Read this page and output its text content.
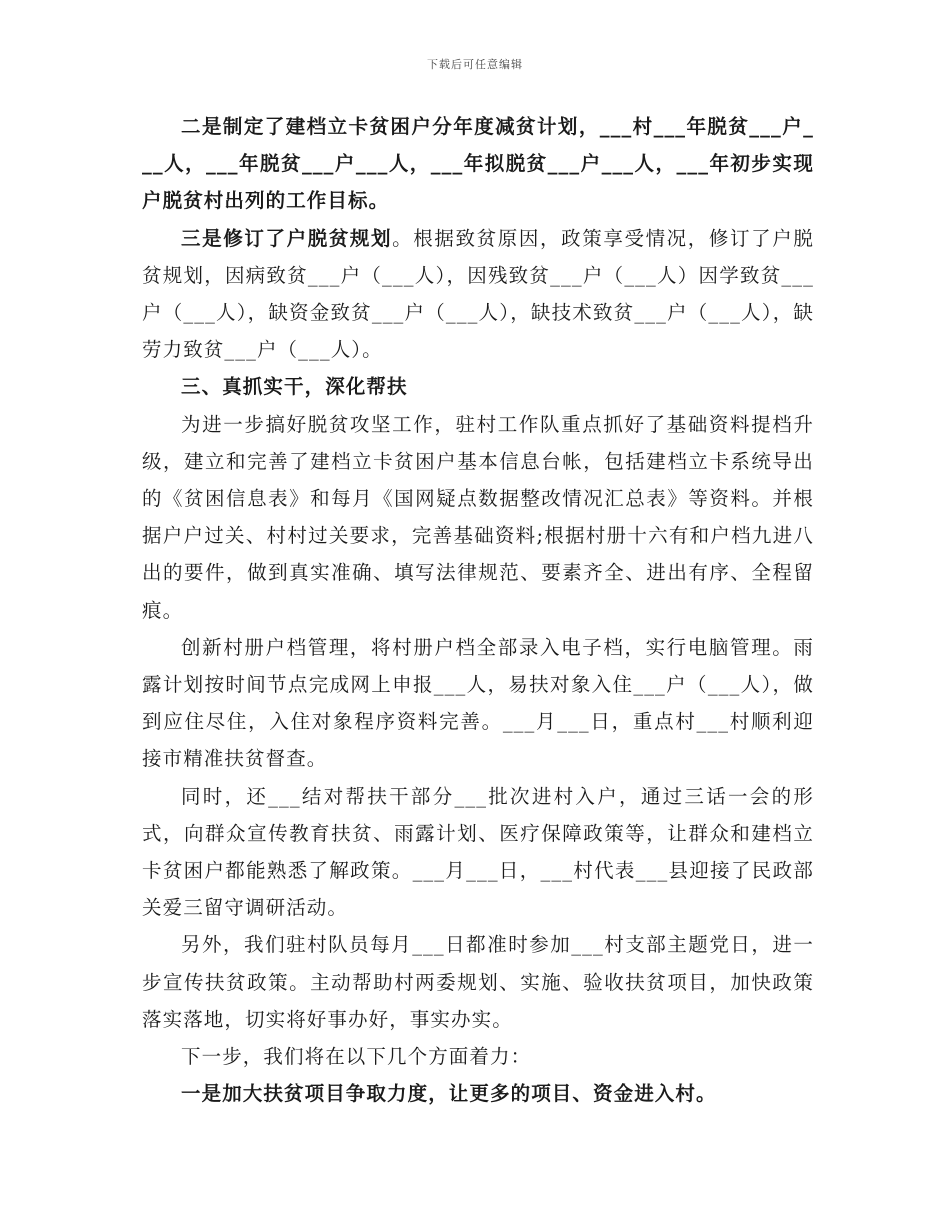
下载后可任意编辑

二是制定了建档立卡贫困户分年度减贫计划，___村___年脱贫___户___人，___年脱贫___户___人，___年拟脱贫___户___人，___年初步实现户脱贫村出列的工作目标。

三是修订了户脱贫规划。根据致贫原因，政策享受情况，修订了户脱贫规划，因病致贫___户（___人），因残致贫___户（___人）因学致贫___户（___人），缺资金致贫___户（___人），缺技术致贫___户（___人），缺劳力致贫___户（___人）。

三、真抓实干，深化帮扶

为进一步搞好脱贫攻坚工作，驻村工作队重点抓好了基础资料提档升级，建立和完善了建档立卡贫困户基本信息台帐，包括建档立卡系统导出的《贫困信息表》和每月《国网疑点数据整改情况汇总表》等资料。并根据户户过关、村村过关要求，完善基础资料;根据村册十六有和户档九进八出的要件，做到真实准确、填写法律规范、要素齐全、进出有序、全程留痕。

创新村册户档管理，将村册户档全部录入电子档，实行电脑管理。雨露计划按时间节点完成网上申报___人，易扶对象入住___户（___人），做到应住尽住，入住对象程序资料完善。___月___日，重点村___村顺利迎接市精准扶贫督查。

同时，还___结对帮扶干部分___批次进村入户，通过三话一会的形式，向群众宣传教育扶贫、雨露计划、医疗保障政策等，让群众和建档立卡贫困户都能熟悉了解政策。___月___日，___村代表___县迎接了民政部关爱三留守调研活动。

另外，我们驻村队员每月___日都准时参加___村支部主题党日，进一步宣传扶贫政策。主动帮助村两委规划、实施、验收扶贫项目，加快政策落实落地，切实将好事办好，事实办实。

下一步，我们将在以下几个方面着力：

一是加大扶贫项目争取力度，让更多的项目、资金进入村。
